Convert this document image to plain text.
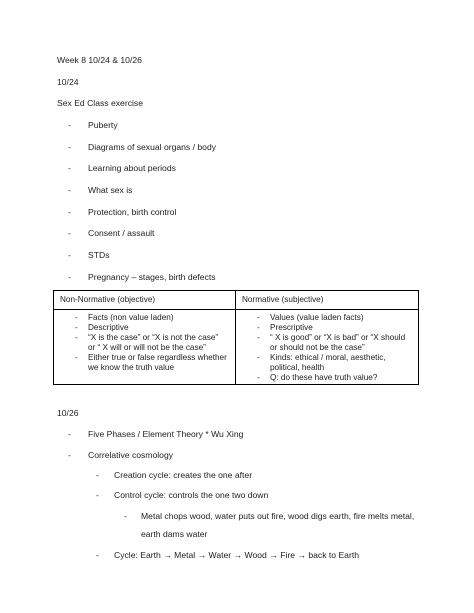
Week 8 10/24 & 10/26
10/24
Sex Ed Class exercise
- Puberty
- Diagrams of sexual organs / body
- Learning about periods
- What sex is
- Protection, birth control
- Consent / assault
- STDs
- Pregnancy – stages, birth defects
Non-Normative (objective)	Normative (subjective)
- Facts (non value laden)
- Descriptive
- “X is the case” or “X is not the case”
or “ X will or will not be the case”
- Either true or false regardless whether
we know the truth value
- Values (value laden facts)
- Prescriptive
- “ X is good” or “X is bad” or “X should
or should not be the case”
- Kinds: ethical / moral, aesthetic,
political, health
- Q: do these have truth value?
10/26
- Five Phases / Element Theory * Wu Xing
- Correlative cosmology
- Creation cycle: creates the one after
- Control cycle: controls the one two down
- Metal chops wood, water puts out fire, wood digs earth, fire melts metal,
earth dams water
- Cycle: Earth → Metal → Water → Wood → Fire → back to Earth
